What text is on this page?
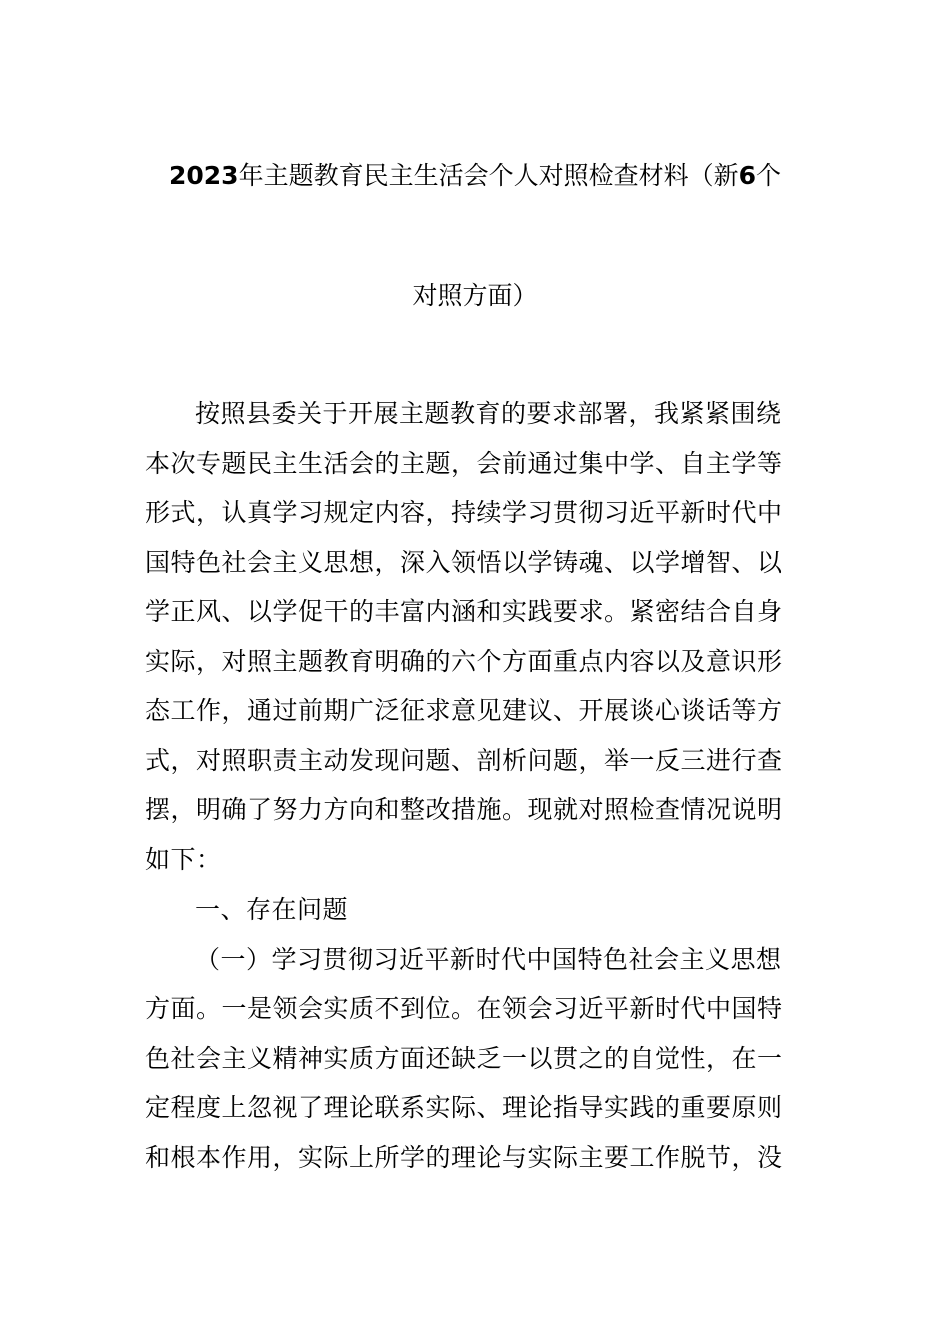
2023年主题教育民主生活会个人对照检查材料（新6个
对照方面）
按照县委关于开展主题教育的要求部署，我紧紧围绕
本次专题民主生活会的主题，会前通过集中学、自主学等
形式，认真学习规定内容，持续学习贯彻习近平新时代中
国特色社会主义思想，深入领悟以学铸魂、以学增智、以
学正风、以学促干的丰富内涵和实践要求。紧密结合自身
实际，对照主题教育明确的六个方面重点内容以及意识形
态工作，通过前期广泛征求意见建议、开展谈心谈话等方
式，对照职责主动发现问题、剖析问题，举一反三进行查
摆，明确了努力方向和整改措施。现就对照检查情况说明
如下：
一、存在问题
（一）学习贯彻习近平新时代中国特色社会主义思想
方面。一是领会实质不到位。在领会习近平新时代中国特
色社会主义精神实质方面还缺乏一以贯之的自觉性，在一
定程度上忽视了理论联系实际、理论指导实践的重要原则
和根本作用，实际上所学的理论与实际主要工作脱节，没
